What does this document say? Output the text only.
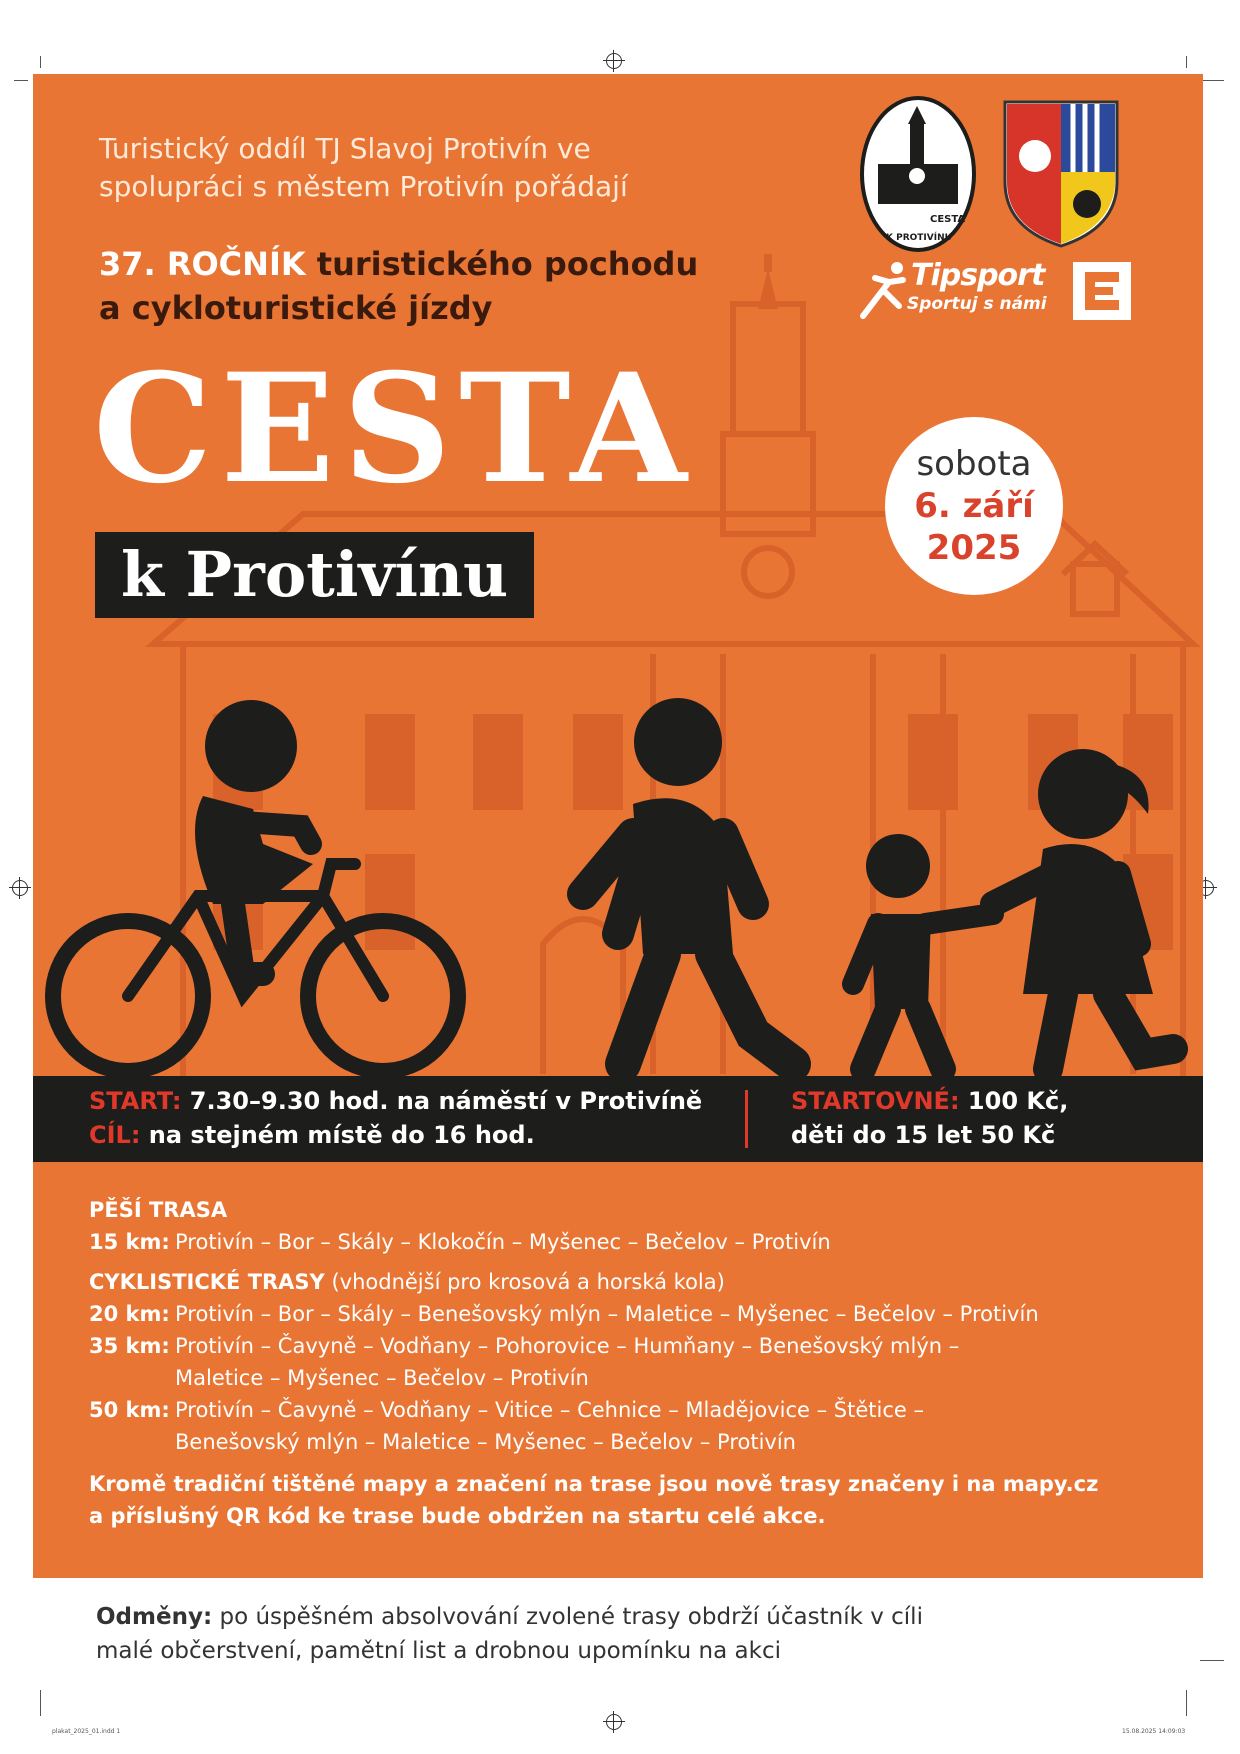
Turistický oddíl TJ Slavoj Protivín ve
spolupráci s městem Protivín pořádají
37. ROČNÍK turistického pochodu
a cykloturistické jízdy
CESTA
k Protivínu
sobota
6. září
2025
CESTA
K PROTIVÍNU
Tipsport
Sportuj s námi
START: 7.30–9.30 hod. na náměstí v Protivíně
CÍL: na stejném místě do 16 hod.
STARTOVNÉ: 100 Kč,
děti do 15 let 50 Kč
PĚŠÍ TRASA
15 km: Protivín – Bor – Skály – Klokočín – Myšenec – Bečelov – Protivín
CYKLISTICKÉ TRASY (vhodnější pro krosová a horská kola)
20 km: Protivín – Bor – Skály – Benešovský mlýn – Maletice – Myšenec – Bečelov – Protivín
35 km: Protivín – Čavyně – Vodňany – Pohorovice – Humňany – Benešovský mlýn –
Maletice – Myšenec – Bečelov – Protivín
50 km: Protivín – Čavyně – Vodňany – Vitice – Cehnice – Mladějovice – Štětice –
Benešovský mlýn – Maletice – Myšenec – Bečelov – Protivín
Kromě tradiční tištěné mapy a značení na trase jsou nově trasy značeny i na mapy.cz
a příslušný QR kód ke trase bude obdržen na startu celé akce.
Odměny: po úspěšném absolvování zvolené trasy obdrží účastník v cíli
malé občerstvení, pamětní list a drobnou upomínku na akci
plakat_2025_01.indd 1	15.08.2025 14:09:03
